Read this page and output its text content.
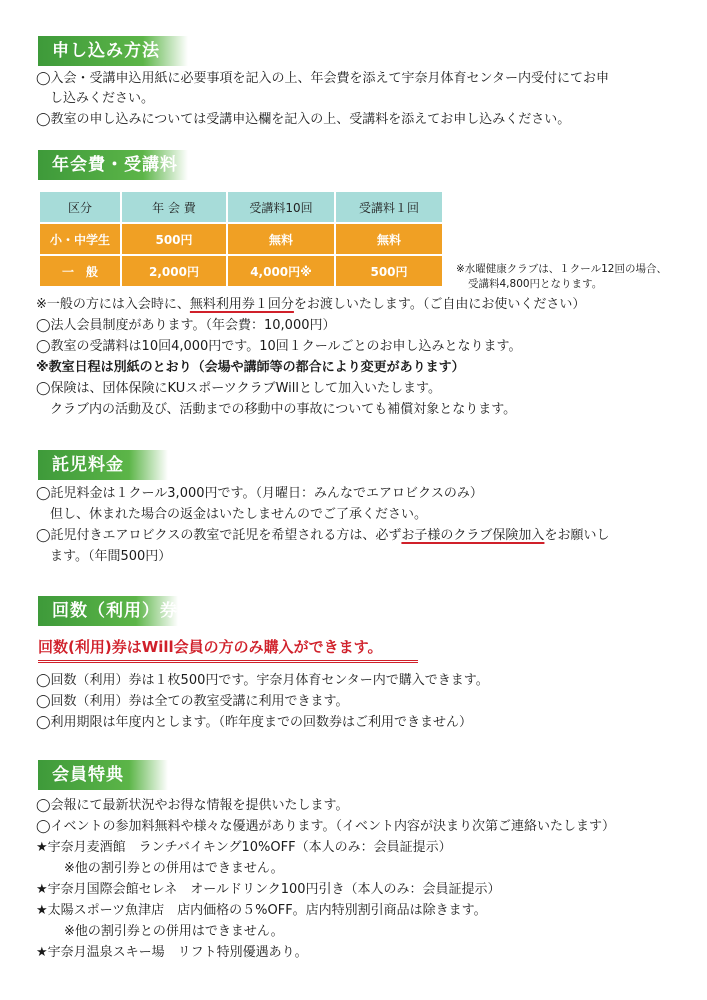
申し込み方法
◯入会・受講申込用紙に必要事項を記入の上、年会費を添えて宇奈月体育センター内受付にてお申
し込みください。
◯教室の申し込みについては受講申込欄を記入の上、受講料を添えてお申し込みください。
年会費・受講料
区分	年 会 費	受講料10回	受講料１回
小・中学生	500円	無料	無料
一　般	2,000円	4,000円※	500円	※水曜健康クラブは、１クール12回の場合、
受講料4,800円となります。
※一般の方には入会時に、無料利用券１回分をお渡しいたします。（ご自由にお使いください）
◯法人会員制度があります。（年会費：10,000円）
◯教室の受講料は10回4,000円です。10回１クールごとのお申し込みとなります。
※教室日程は別紙のとおり（会場や講師等の都合により変更があります）
◯保険は、団体保険にKUスポーツクラブWillとして加入いたします。
クラブ内の活動及び、活動までの移動中の事故についても補償対象となります。
託児料金
◯託児料金は１クール3,000円です。（月曜日：みんなでエアロビクスのみ）
但し、休まれた場合の返金はいたしませんのでご了承ください。
◯託児付きエアロビクスの教室で託児を希望される方は、必ずお子様のクラブ保険加入をお願いし
ます。（年間500円）
回数（利用）券
回数(利用)券はWill会員の方のみ購入ができます。
◯回数（利用）券は１枚500円です。宇奈月体育センター内で購入できます。
◯回数（利用）券は全ての教室受講に利用できます。
◯利用期限は年度内とします。（昨年度までの回数券はご利用できません）
会員特典
◯会報にて最新状況やお得な情報を提供いたします。
◯イベントの参加料無料や様々な優遇があります。（イベント内容が決まり次第ご連絡いたします）
★宇奈月麦酒館　ランチバイキング10%OFF（本人のみ：会員証提示）
※他の割引券との併用はできません。
★宇奈月国際会館セレネ　オールドリンク100円引き（本人のみ：会員証提示）
★太陽スポーツ魚津店　店内価格の５%OFF。店内特別割引商品は除きます。
※他の割引券との併用はできません。
★宇奈月温泉スキー場　リフト特別優遇あり。
